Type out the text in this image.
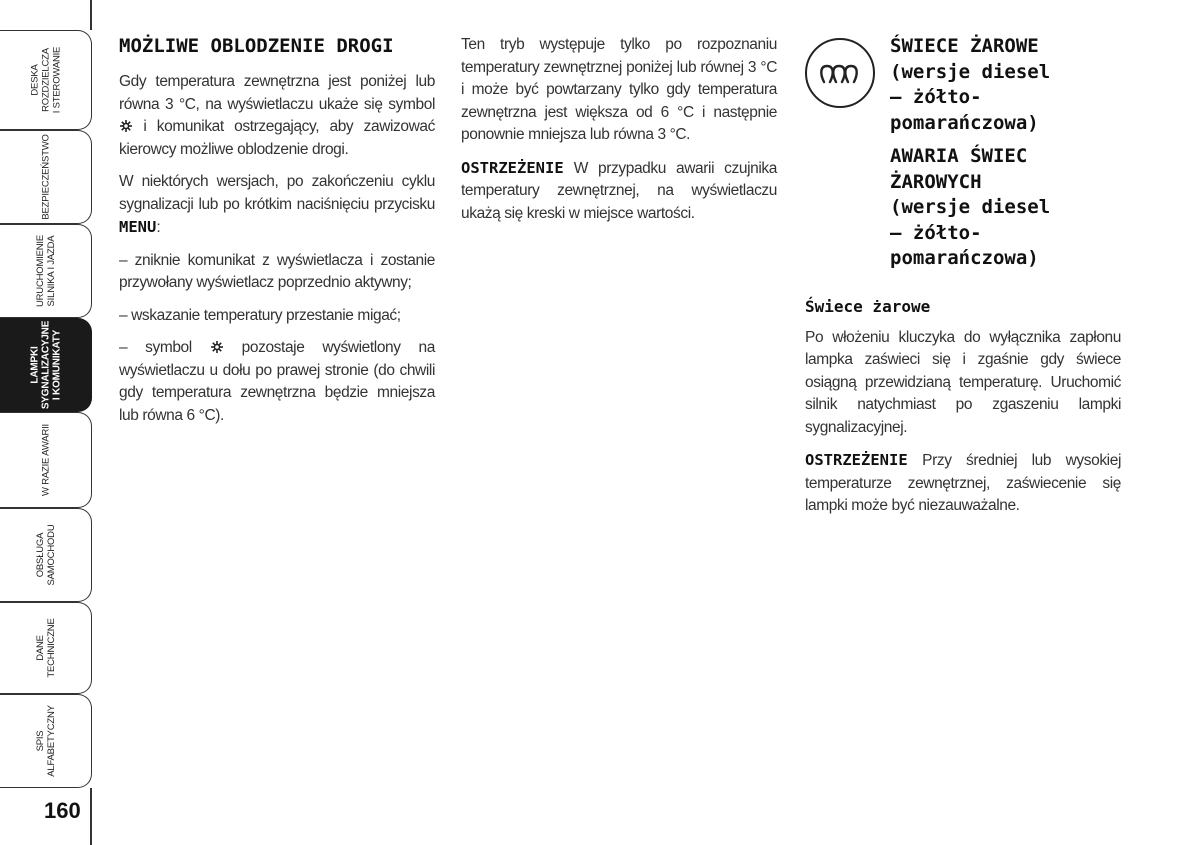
DESKA
ROZDZIELCZA
I STEROWANIE
BEZPIECZEŃSTWO
URUCHOMIENIE
SILNIKA I JAZDA
LAMPKI
SYGNALIZACYJNE
I KOMUNIKATY
W RAZIE AWARII
OBSŁUGA
SAMOCHODU
DANE
TECHNICZNE
SPIS
ALFABETYCZNY
160
MOŻLIWE OBLODZENIE DROGI

Gdy temperatura zewnętrzna jest poniżej lub równa 3 °C, na wyświetlaczu ukaże się symbol  i komunikat ostrzegający, aby zawizować kierowcy możliwe oblodzenie drogi.

W niektórych wersjach, po zakończeniu cyklu sygnalizacji lub po krótkim naciśnięciu przycisku MENU:

– zniknie komunikat z wyświetlacza i zostanie przywołany wyświetlacz poprzednio aktywny;

– wskazanie temperatury przestanie migać;

– symbol	pozostaje wyświetlony na wyświetlaczu u dołu po prawej stronie (do chwili gdy temperatura zewnętrzna będzie mniejsza lub równa 6 °C).

Ten tryb występuje tylko po rozpoznaniu temperatury zewnętrznej poniżej lub równej 3 °C i może być powtarzany tylko gdy temperatura zewnętrzna jest większa od 6 °C i następnie ponownie mniejsza lub równa 3 °C.

OSTRZEŻENIE W przypadku awarii czujnika temperatury zewnętrznej, na wyświetlaczu ukażą się kreski w miejsce wartości.

ŚWIECE ŻAROWE
(wersje diesel
– żółto-
pomarańczowa)
AWARIA ŚWIEC
ŻAROWYCH
(wersje diesel
– żółto-
pomarańczowa)
Świece żarowe

Po włożeniu kluczyka do wyłącznika zapłonu lampka zaświeci się i zgaśnie gdy świece osiągną przewidzianą temperaturę. Uruchomić silnik natychmiast po zgaszeniu lampki sygnalizacyjnej.

OSTRZEŻENIE Przy średniej lub wysokiej temperaturze zewnętrznej, zaświecenie się lampki może być niezauważalne.
